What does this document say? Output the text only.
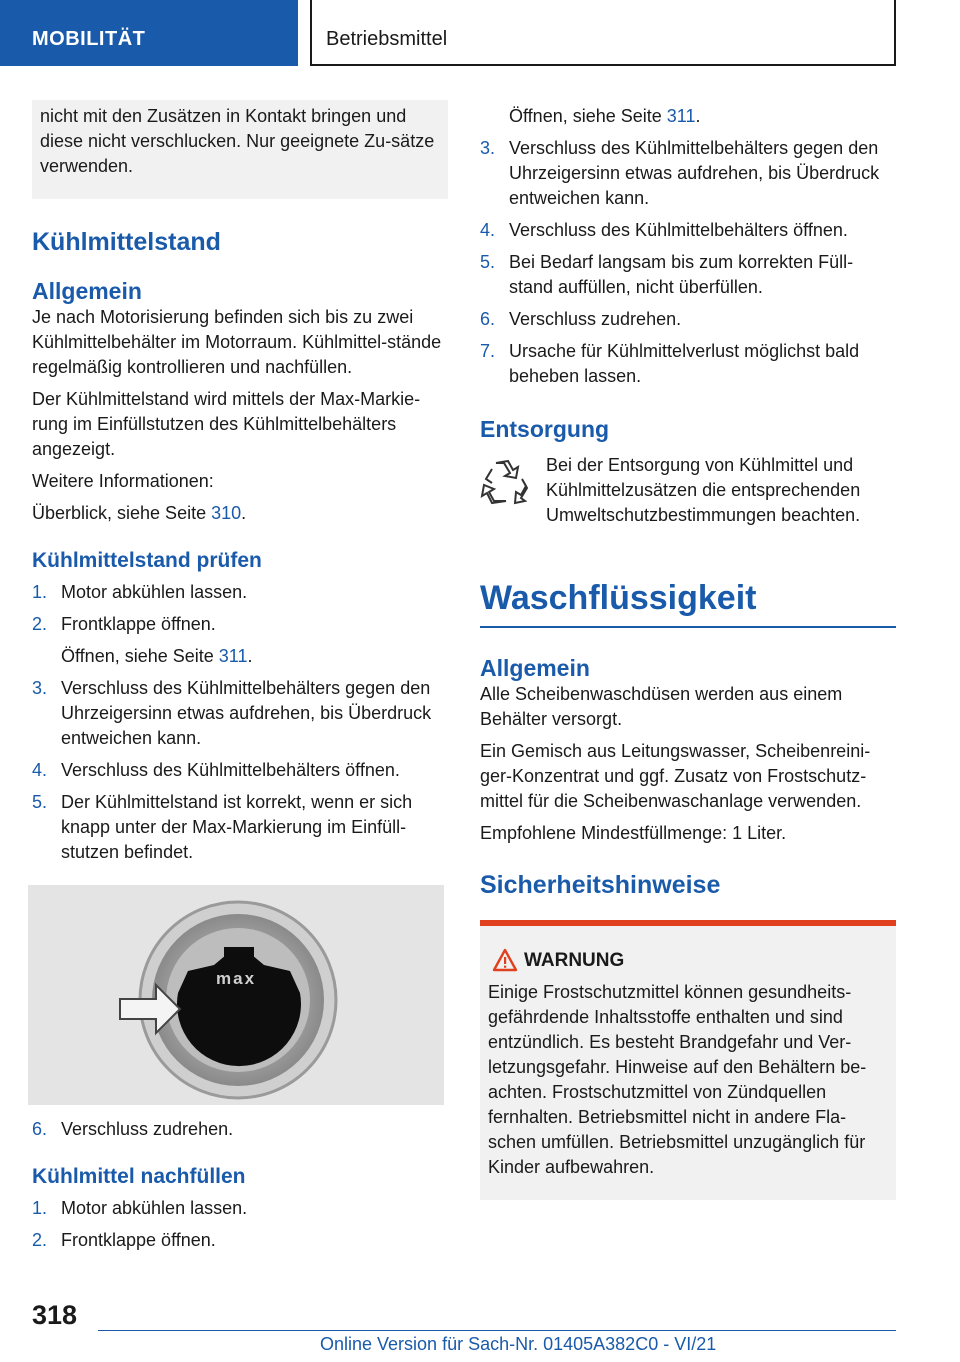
MOBILITÄT	Betriebsmittel

nicht mit den Zusätzen in Kontakt bringen und diese nicht verschlucken. Nur geeignete Zu-sätze verwenden.

Kühlmittelstand
Allgemein

Je nach Motorisierung befinden sich bis zu zwei Kühlmittelbehälter im Motorraum. Kühlmittel-stände regelmäßig kontrollieren und nachfüllen.

Der Kühlmittelstand wird mittels der Max-Markie-rung im Einfüllstutzen des Kühlmittelbehälters angezeigt.

Weitere Informationen:

Überblick, siehe Seite 310.

Kühlmittelstand prüfen
1. Motor abkühlen lassen.
2. Frontklappe öffnen.

Öffnen, siehe Seite 311.

3. Verschluss des Kühlmittelbehälters gegen den Uhrzeigersinn etwas aufdrehen, bis Überdruck entweichen kann.
4. Verschluss des Kühlmittelbehälters öffnen.
5. Der Kühlmittelstand ist korrekt, wenn er sich knapp unter der Max-Markierung im Einfüll-stutzen befindet.
max
6. Verschluss zudrehen.
Kühlmittel nachfüllen
1. Motor abkühlen lassen.
2. Frontklappe öffnen.

Öffnen, siehe Seite 311.

3. Verschluss des Kühlmittelbehälters gegen den Uhrzeigersinn etwas aufdrehen, bis Überdruck entweichen kann.
4. Verschluss des Kühlmittelbehälters öffnen.
5. Bei Bedarf langsam bis zum korrekten Füll-stand auffüllen, nicht überfüllen.
6. Verschluss zudrehen.
7. Ursache für Kühlmittelverlust möglichst bald beheben lassen.
Entsorgung

Bei der Entsorgung von Kühlmittel und Kühlmittelzusätzen die entsprechenden Umweltschutzbestimmungen beachten.

Waschflüssigkeit
Allgemein

Alle Scheibenwaschdüsen werden aus einem Behälter versorgt.

Ein Gemisch aus Leitungswasser, Scheibenreini-ger-Konzentrat und ggf. Zusatz von Frostschutz-mittel für die Scheibenwaschanlage verwenden.

Empfohlene Mindestfüllmenge: 1 Liter.

Sicherheitshinweise
WARNUNG

Einige Frostschutzmittel können gesundheits-gefährdende Inhaltsstoffe enthalten und sind entzündlich. Es besteht Brandgefahr und Ver-letzungsgefahr. Hinweise auf den Behältern be-achten. Frostschutzmittel von Zündquellen fernhalten. Betriebsmittel nicht in andere Fla-schen umfüllen. Betriebsmittel unzugänglich für Kinder aufbewahren.

318
Online Version für Sach-Nr. 01405A382C0 - VI/21
